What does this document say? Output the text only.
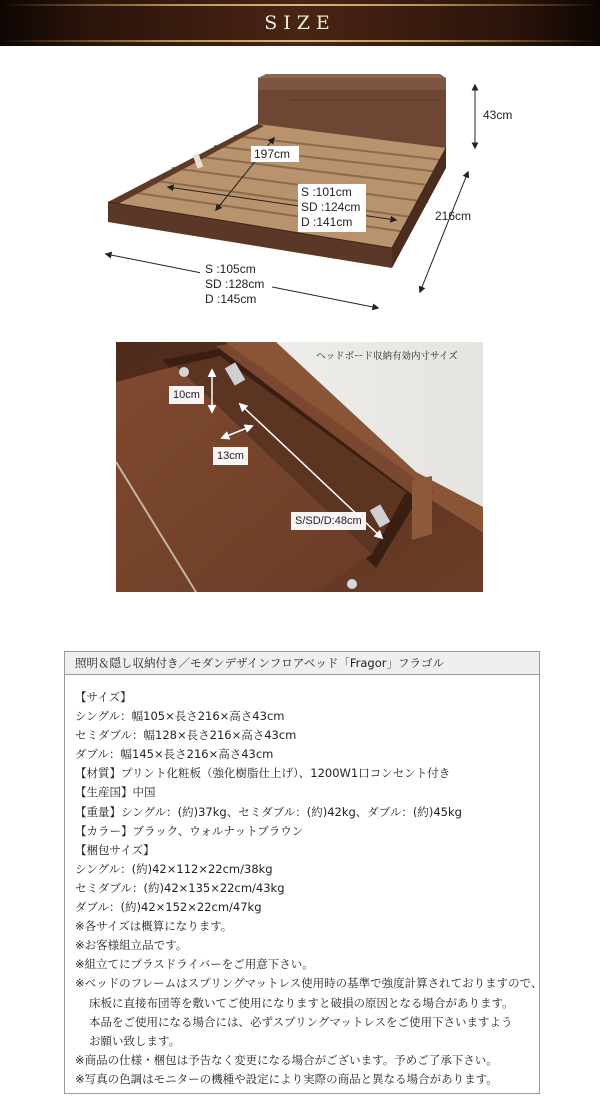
SIZE
43cm
216cm
197cm
S :101cm
SD :124cm
D :141cm
S :105cm
SD :128cm
D :145cm
ヘッドボード収納有効内寸サイズ
10cm
13cm
S/SD/D:48cm
照明＆隠し収納付き／モダンデザインフロアベッド「Fragor」フラゴル
【サイズ】
シングル：幅105×長さ216×高さ43cm
セミダブル：幅128×長さ216×高さ43cm
ダブル：幅145×長さ216×高さ43cm
【材質】プリント化粧板（強化樹脂仕上げ）、1200W1口コンセント付き
【生産国】中国
【重量】シングル：(約)37kg、セミダブル：(約)42kg、ダブル：(約)45kg
【カラー】ブラック、ウォルナットブラウン
【梱包サイズ】
シングル：(約)42×112×22cm/38kg
セミダブル：(約)42×135×22cm/43kg
ダブル：(約)42×152×22cm/47kg
※各サイズは概算になります。
※お客様組立品です。
※組立てにプラスドライバーをご用意下さい。
※ベッドのフレームはスプリングマットレス使用時の基準で強度計算されておりますので、
床板に直接布団等を敷いてご使用になりますと破損の原因となる場合があります。
本品をご使用になる場合には、必ずスプリングマットレスをご使用下さいますよう
お願い致します。
※商品の仕様・梱包は予告なく変更になる場合がございます。予めご了承下さい。
※写真の色調はモニターの機種や設定により実際の商品と異なる場合があります。
